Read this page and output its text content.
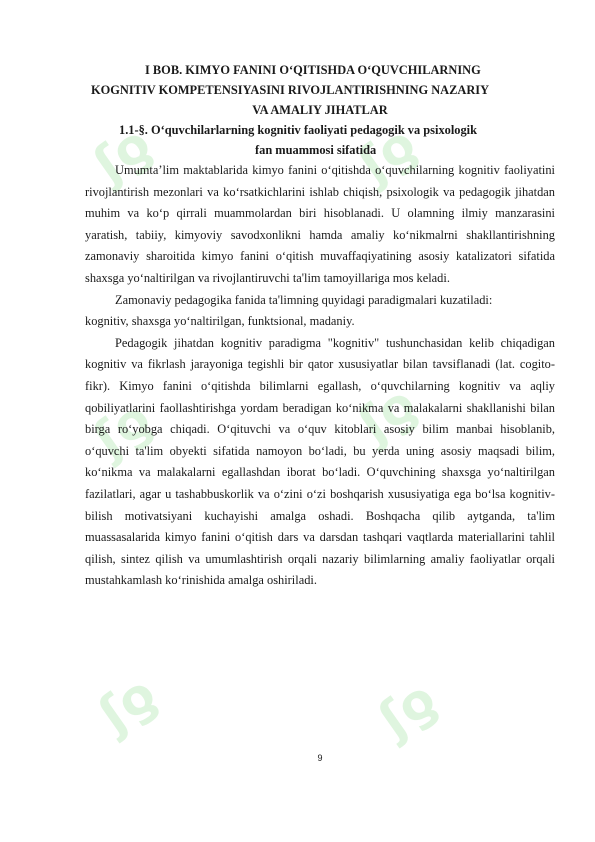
ʃƍ	ʃƍ
ʃƍ	ʃƍ
ʃƍ	ʃƍ

I BOB. KIMYO FANINI O‘QITISHDA O‘QUVCHILARNING

KOGNITIV KOMPETENSIYASINI RIVOJLANTIRISHNING NAZARIY

VA AMALIY JIHATLAR

1.1-§. O‘quvchilarlarning kognitiv faoliyati pedagogik va psixologik

fan muammosi sifatida

Umumta’lim maktablarida kimyo fanini o‘qitishda o‘quvchilarning kognitiv faoliyatini rivojlantirish mezonlari va ko‘rsatkichlarini ishlab chiqish, psixologik va pedagogik jihatdan muhim va ko‘p qirrali muammolardan biri hisoblanadi. U olamning ilmiy manzarasini yaratish, tabiiy, kimyoviy savodxonlikni hamda amaliy ko‘nikmalrni shakllantirishning zamonaviy sharoitida kimyo fanini o‘qitish muvaffaqiyatining asosiy katalizatori sifatida shaxsga yo‘naltirilgan va rivojlantiruvchi ta'lim tamoyillariga mos keladi.

Zamonaviy pedagogika fanida ta'limning quyidagi paradigmalari kuzatiladi:

kognitiv, shaxsga yo‘naltirilgan, funktsional, madaniy.

Pedagogik jihatdan kognitiv paradigma "kognitiv" tushunchasidan kelib chiqadigan kognitiv va fikrlash jarayoniga tegishli bir qator xususiyatlar bilan tavsiflanadi (lat. cogito-fikr). Kimyo fanini o‘qitishda bilimlarni egallash, o‘quvchilarning kognitiv va aqliy qobiliyatlarini faollashtirishga yordam beradigan ko‘nikma va malakalarni shakllanishi bilan birga ro‘yobga chiqadi. O‘qituvchi va o‘quv kitoblari asosiy bilim manbai hisoblanib, o‘quvchi ta'lim obyekti sifatida namoyon bo‘ladi, bu yerda uning asosiy maqsadi bilim, ko‘nikma va malakalarni egallashdan iborat bo‘ladi. O‘quvchining shaxsga yo‘naltirilgan fazilatlari, agar u tashabbuskorlik va o‘zini o‘zi boshqarish xususiyatiga ega bo‘lsa kognitiv-bilish motivatsiyani kuchayishi amalga oshadi. Boshqacha qilib aytganda, ta'lim muassasalarida kimyo fanini o‘qitish dars va darsdan tashqari vaqtlarda materiallarini tahlil qilish, sintez qilish va umumlashtirish orqali nazariy bilimlarning amaliy faoliyatlar orqali mustahkamlash ko‘rinishida amalga oshiriladi.

9
